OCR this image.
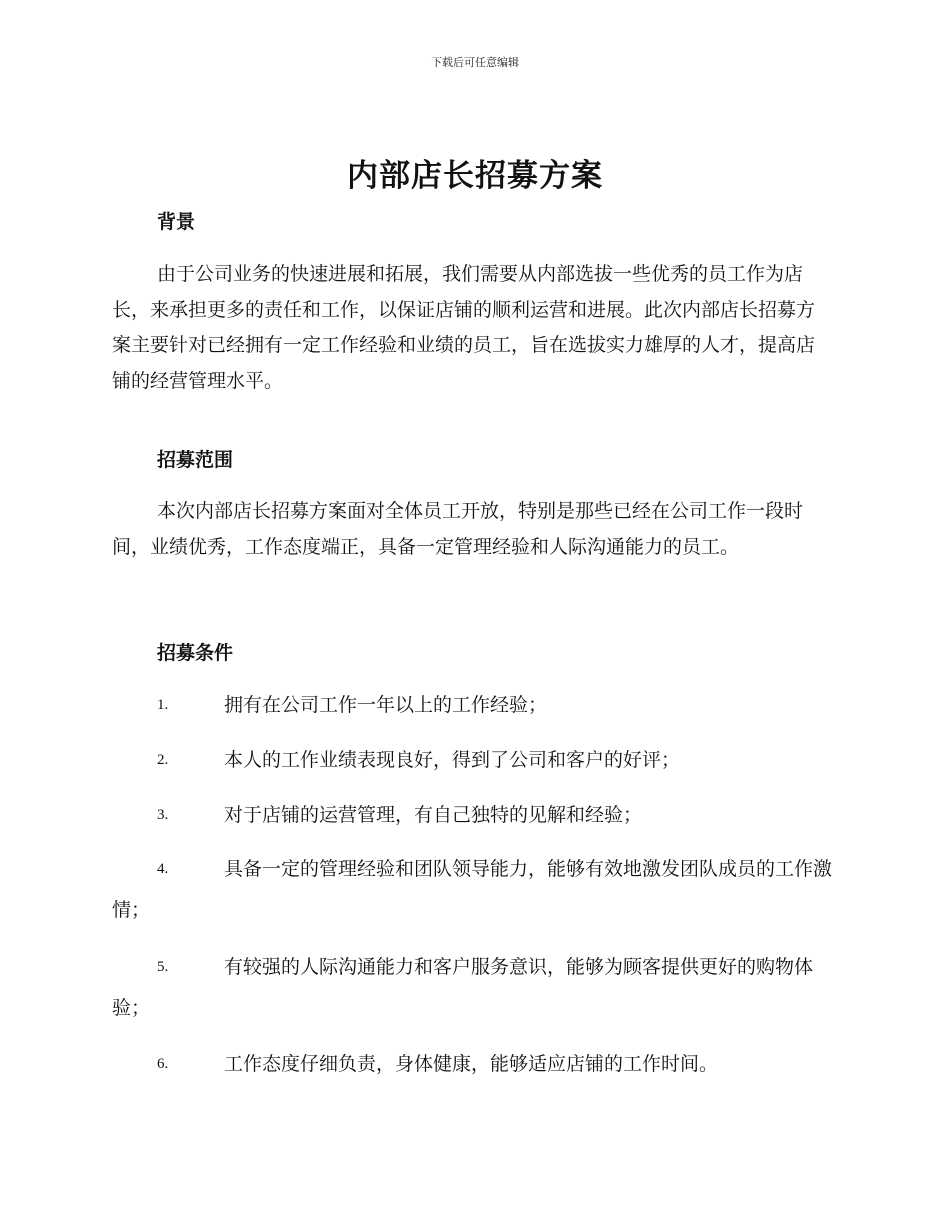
下载后可任意编辑
内部店长招募方案
背景

由于公司业务的快速进展和拓展，我们需要从内部选拔一些优秀的员工作为店长，来承担更多的责任和工作，以保证店铺的顺利运营和进展。此次内部店长招募方案主要针对已经拥有一定工作经验和业绩的员工，旨在选拔实力雄厚的人才，提高店铺的经营管理水平。

招募范围

本次内部店长招募方案面对全体员工开放，特别是那些已经在公司工作一段时间，业绩优秀，工作态度端正，具备一定管理经验和人际沟通能力的员工。

招募条件
1.	拥有在公司工作一年以上的工作经验；
2.	本人的工作业绩表现良好，得到了公司和客户的好评；
3.	对于店铺的运营管理，有自己独特的见解和经验；
4.	具备一定的管理经验和团队领导能力，能够有效地激发团队成员的工作激情；
5.	有较强的人际沟通能力和客户服务意识，能够为顾客提供更好的购物体验；
6.	工作态度仔细负责，身体健康，能够适应店铺的工作时间。
